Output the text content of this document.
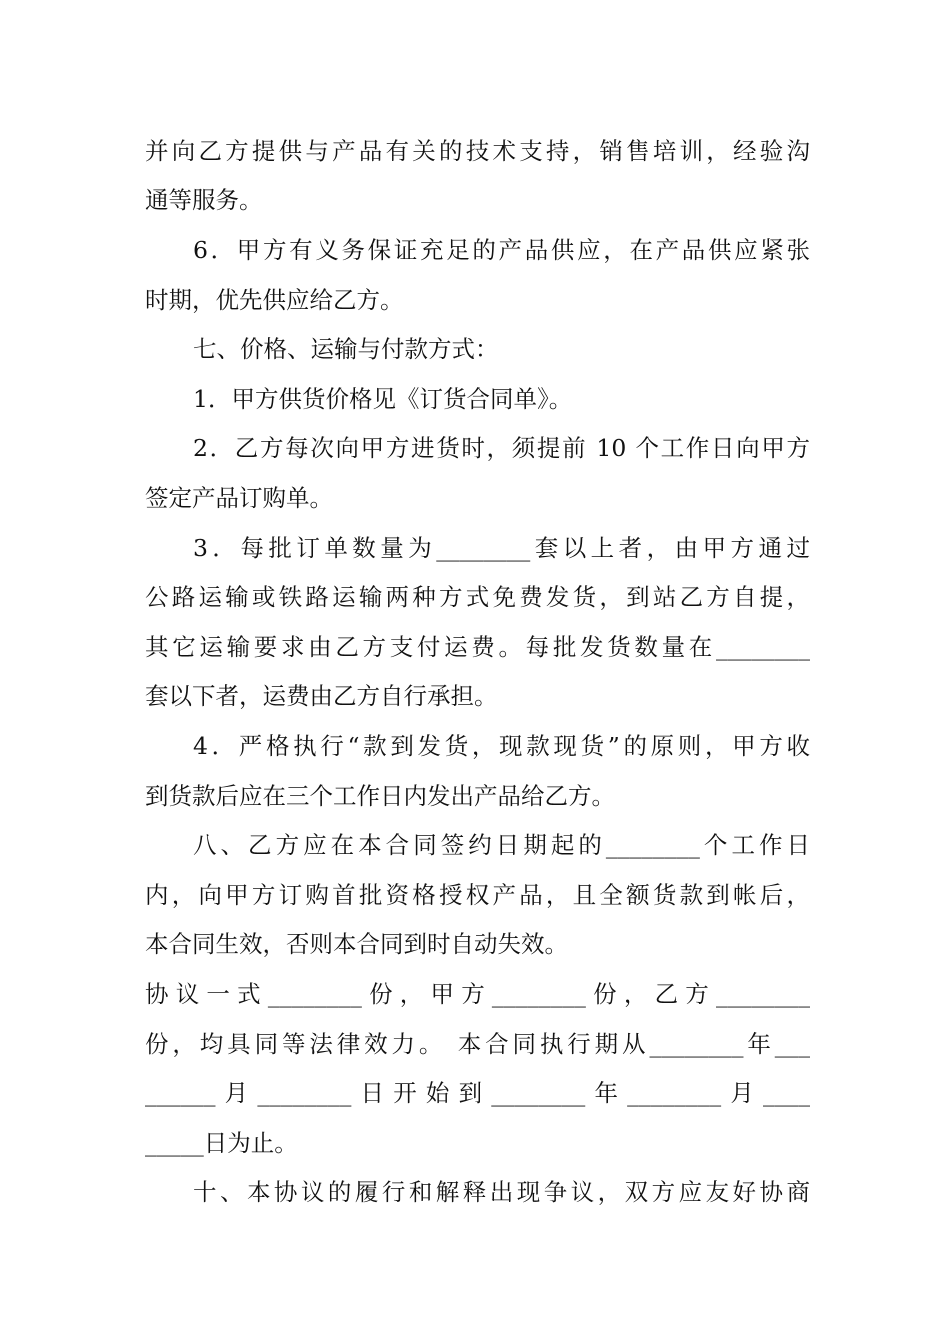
并向乙方提供与产品有关的技术支持，销售培训，经验沟
通等服务。
6．甲方有义务保证充足的产品供应，在产品供应紧张
时期，优先供应给乙方。
七、价格、运输与付款方式：
1．甲方供货价格见《订货合同单》。
2．乙方每次向甲方进货时，须提前 10 个工作日向甲方
签定产品订购单。
3．每批订单数量为________套以上者，由甲方通过
公路运输或铁路运输两种方式免费发货，到站乙方自提，
其它运输要求由乙方支付运费。每批发货数量在________
套以下者，运费由乙方自行承担。
4．严格执行“款到发货，现款现货”的原则，甲方收
到货款后应在三个工作日内发出产品给乙方。
八、乙方应在本合同签约日期起的________个工作日
内，向甲方订购首批资格授权产品，且全额货款到帐后，
本合同生效，否则本合同到时自动失效。
协议一式________份，甲方________份，乙方________
份，均具同等法律效力。 本合同执行期从________年___
______月________日开始到________年________月____
_____日为止。
十、本协议的履行和解释出现争议，双方应友好协商
